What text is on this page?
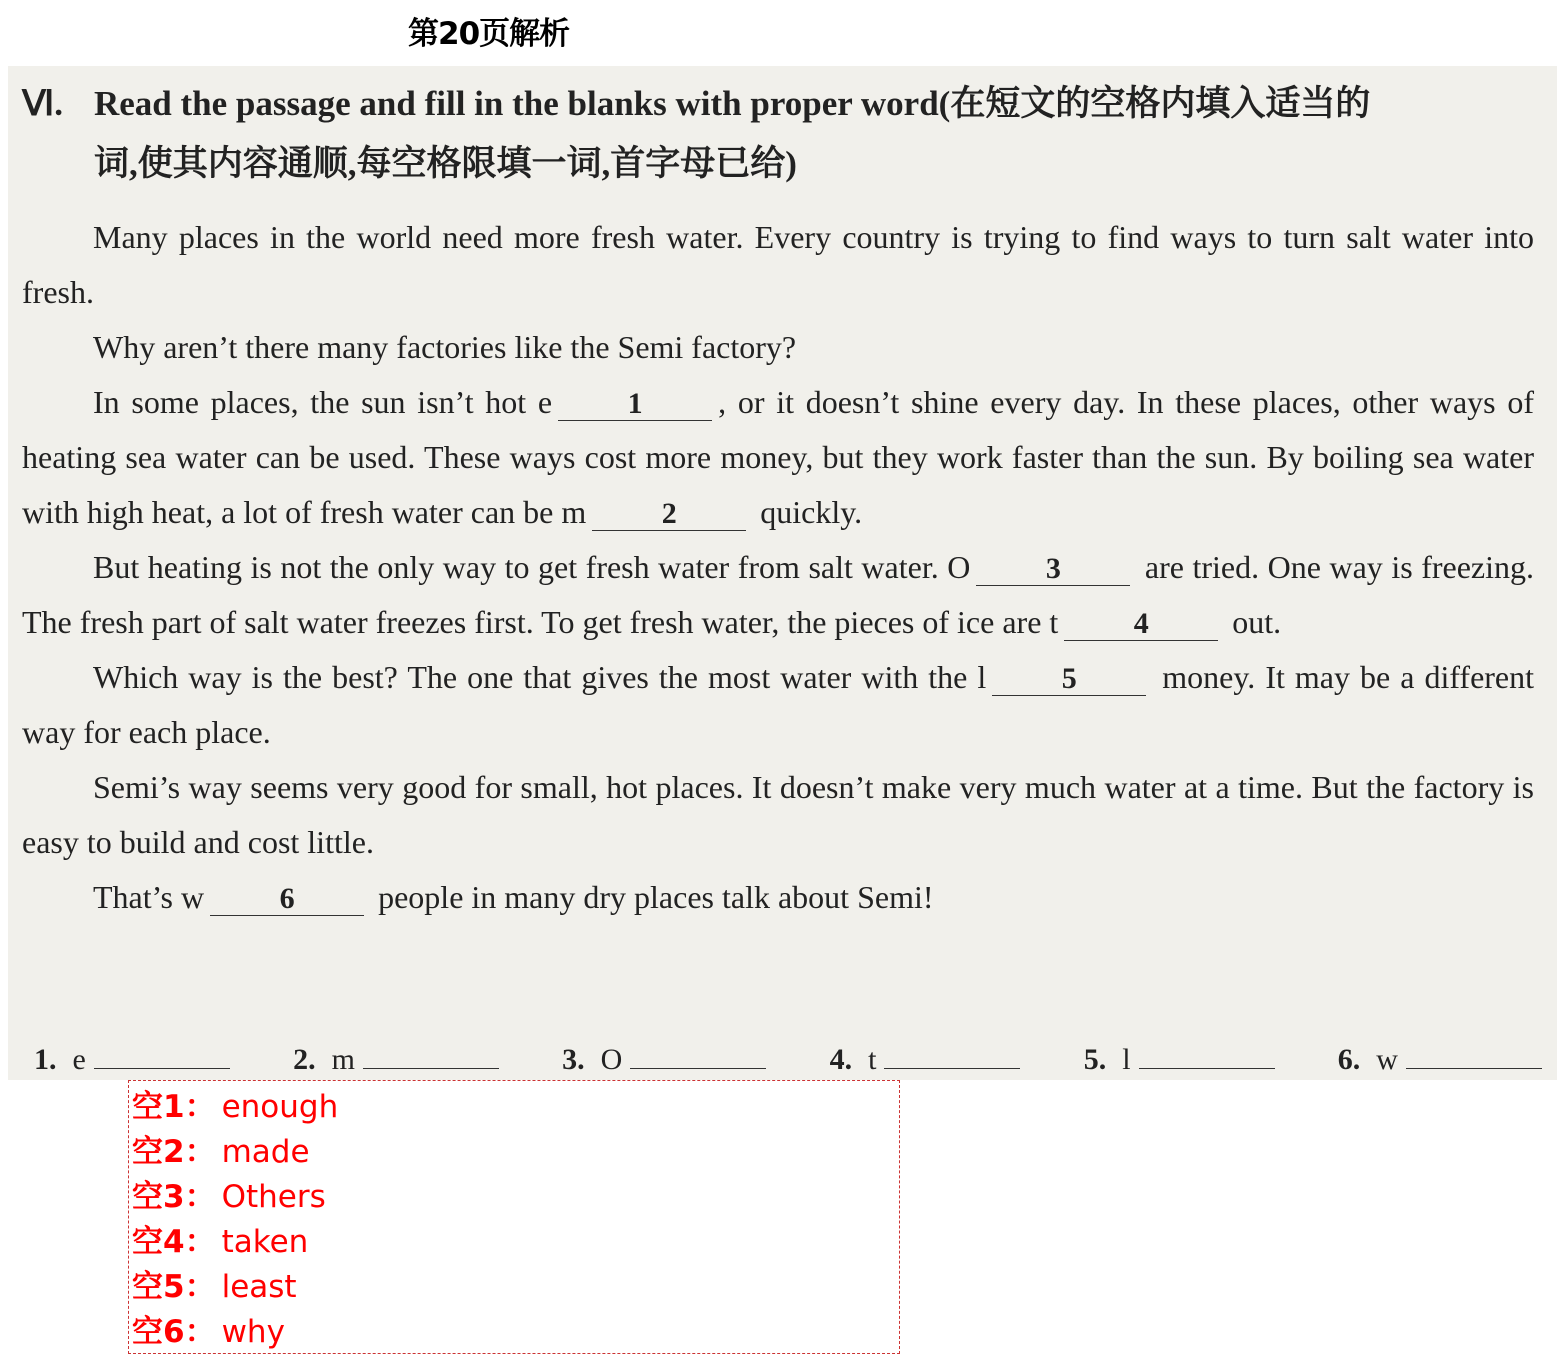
第20页解析
Ⅵ. Read the passage and fill in the blanks with proper word(在短文的空格内填入适当的
词,使其内容通顺,每空格限填一词,首字母已给)

Many places in the world need more fresh water. Every country is trying to find ways to turn salt water into fresh.

Why aren’t there many factories like the Semi factory?

In some places, the sun isn’t hot e	1 , or it doesn’t shine every day. In these places, other ways of heating sea water can be used. These ways cost more money, but they work faster than the sun. By boiling sea water with high heat, a lot of fresh water can be m	2	quickly.

But heating is not the only way to get fresh water from salt water. O	3	are tried. One way is freezing. The fresh part of salt water freezes first. To get fresh water, the pieces of ice are t	4	out.

Which way is the best? The one that gives the most water with the l	5	money. It may be a different way for each place.

Semi’s way seems very good for small, hot places. It doesn’t make very much water at a time. But the factory is easy to build and cost little.

That’s w	6	people in many dry places talk about Semi!

1. e	2. m	3. O	4. t	5. l	6. w
空1： enough
空2： made
空3： Others
空4： taken
空5： least
空6： why
